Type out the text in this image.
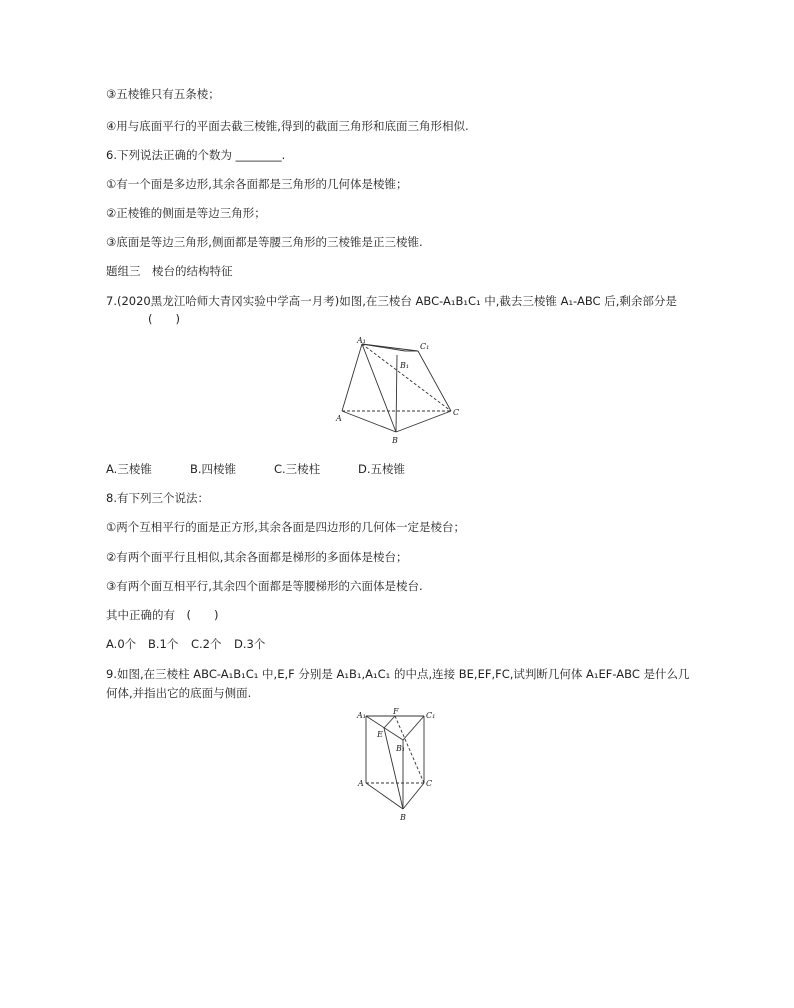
③五棱锥只有五条棱；
④用与底面平行的平面去截三棱锥,得到的截面三角形和底面三角形相似.
6.下列说法正确的个数为 ________.
①有一个面是多边形,其余各面都是三角形的几何体是棱锥；
②正棱锥的侧面是等边三角形；
③底面是等边三角形,侧面都是等腰三角形的三棱锥是正三棱锥.
题组三　棱台的结构特征
7.(2020黑龙江哈师大青冈实验中学高一月考)如图,在三棱台 ABC-A₁B₁C₁ 中,截去三棱锥 A₁-ABC 后,剩余部分是
(　　)
A₁
C₁
B₁
A
C
B
A.三棱锥	B.四棱锥	C.三棱柱	D.五棱锥
8.有下列三个说法：
①两个互相平行的面是正方形,其余各面是四边形的几何体一定是棱台；
②有两个面平行且相似,其余各面都是梯形的多面体是棱台；
③有两个面互相平行,其余四个面都是等腰梯形的六面体是棱台.
其中正确的有　(　　)
A.0个 B.1个 C.2个 D.3个
9.如图,在三棱柱 ABC-A₁B₁C₁ 中,E,F 分别是 A₁B₁,A₁C₁ 的中点,连接 BE,EF,FC,试判断几何体 A₁EF-ABC 是什么几何体,并指出它的底面与侧面.
A₁	F	C₁
E
B₁
A	C
B
